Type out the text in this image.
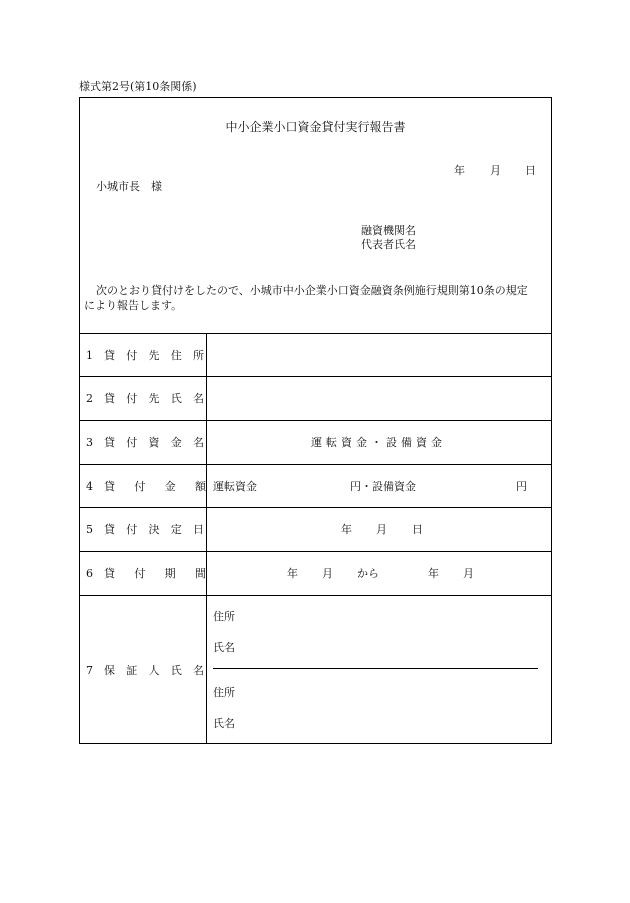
様式第2号(第10条関係)
中小企業小口資金貸付実行報告書
年 月 日
小城市長　様
融資機関名
代表者氏名
次のとおり貸付けをしたので、小城市中小企業小口資金融資条例施行規則第10条の規定
により報告します。
1 貸付先住所
2 貸付先氏名
3 貸付資金名	運転資金・設備資金
4 貸付金額 運転資金	円・設備資金	円
5 貸付決定日	年 月 日
6 貸付期間	年 月 から	年 月
7 保証人氏名
住所
氏名
住所
氏名
